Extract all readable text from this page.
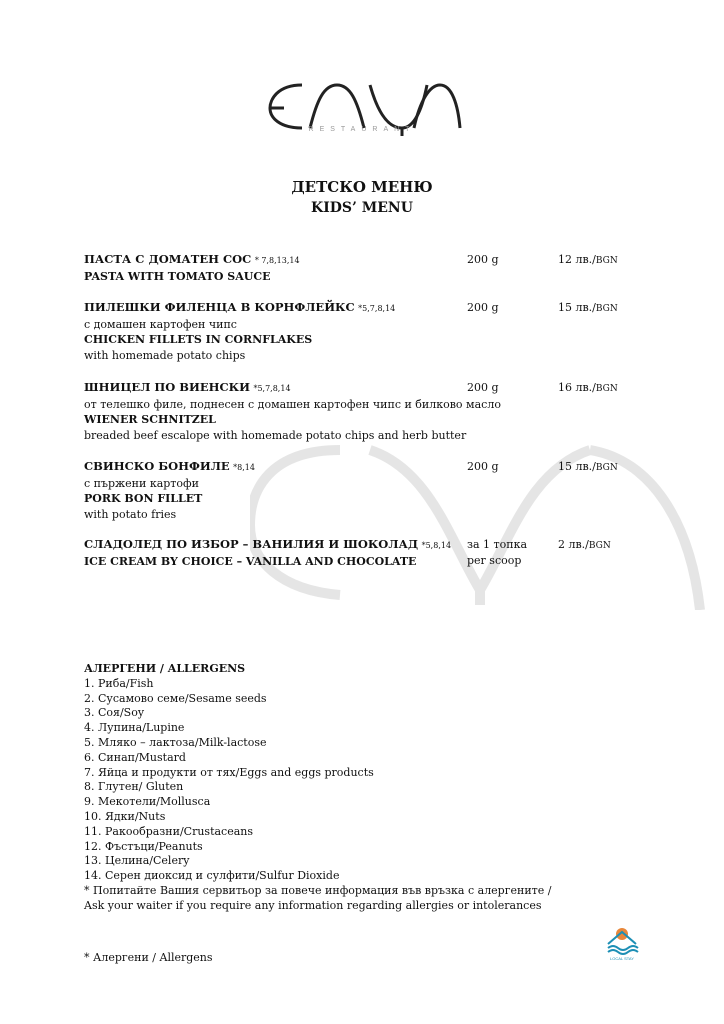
RESTAURANT
ДЕТСКО МЕНЮ
KIDS’ MENU
ПАСТА С ДОМАТЕН СОС * 7,8,13,14
PASTA WITH TOMATO SAUCE
200 g	12 лв./BGN
ПИЛЕШКИ ФИЛЕНЦА В КОРНФЛЕЙКС *5,7,8,14
с домашен картофен чипс
CHICKEN FILLETS IN CORNFLAKES
with homemade potato chips
200 g	15 лв./BGN
ШНИЦЕЛ ПО ВИЕНСКИ *5,7,8,14
от телешко филе, поднесен с домашен картофен чипс и билково масло
WIENER SCHNITZEL
breaded beef escalope with homemade potato chips and herb butter
200 g	16 лв./BGN
СВИНСКО БОНФИЛЕ *8,14
с пържени картофи
PORK BON FILLET
with potato fries
200 g	15 лв./BGN
СЛАДОЛЕД ПО ИЗБОР – ВАНИЛИЯ И ШОКОЛАД *5,8,14
ICE CREAM BY CHOICE – VANILLA AND CHOCOLATE
за 1 топка
per scoop
2 лв./BGN
АЛЕРГЕНИ / ALLERGENS
1. Риба/Fish
2. Сусамово семе/Sesame seeds
3. Соя/Soy
4. Лупина/Lupine
5. Мляко – лактоза/Milk-lactose
6. Синап/Mustard
7. Яйца и продукти от тях/Eggs and eggs products
8. Глутен/ Gluten
9. Мекотели/Mollusca
10. Ядки/Nuts
11. Ракообразни/Crustaceans
12. Фъстъци/Peanuts
13. Целина/Celery
14. Серен диоксид и сулфити/Sulfur Dioxide
* Попитайте Вашия сервитьор за повече информация във връзка с алергените /
Ask your waiter if you require any information regarding allergies or intolerances
* Алергени / Allergens	LOCAL STAY
